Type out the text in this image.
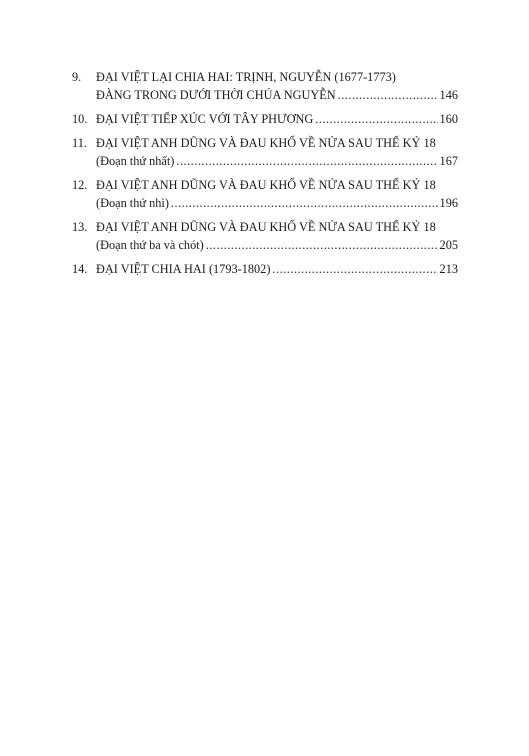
9.	ĐẠI VIỆT LẠI CHIA HAI: TRỊNH, NGUYỄN (1677-1773)
ĐÀNG TRONG DƯỚI THỜI CHÚA NGUYỄN .....	146
10. ĐẠI VIỆT TIẾP XÚC VỚI TÂY PHƯƠNG .....	160
11. ĐẠI VIỆT ANH DŨNG VÀ ĐAU KHỔ VỀ NỬA SAU THẾ KỶ 18
(Đoạn thứ nhất) .....	167
12. ĐẠI VIỆT ANH DŨNG VÀ ĐAU KHỔ VỀ NỬA SAU THẾ KỶ 18
(Đoạn thứ nhì) .....	196
13. ĐẠI VIỆT ANH DŨNG VÀ ĐAU KHỔ VỀ NỬA SAU THẾ KỶ 18
(Đoạn thứ ba và chót) .....	205
14. ĐẠI VIỆT CHIA HAI (1793-1802) .....	213
